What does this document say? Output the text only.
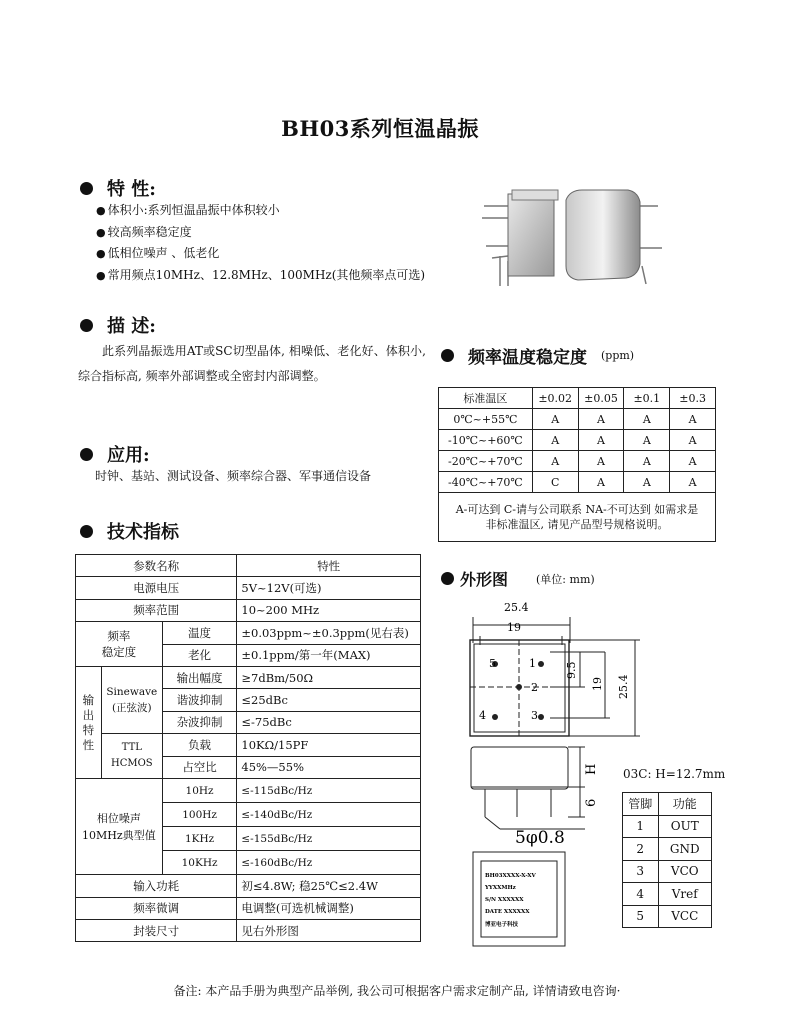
BH03系列恒温晶振
特 性:
● 体积小:系列恒温晶振中体积较小
● 较高频率稳定度
● 低相位噪声 、低老化
● 常用频点10MHz、12.8MHz、100MHz(其他频率点可选)
描 述:
此系列晶振选用AT或SC切型晶体, 相噪低、老化好、体积小, 综合指标高, 频率外部调整或全密封内部调整。
应用:
时钟、基站、测试设备、频率综合器、军事通信设备
技术指标
参数名称			特性
电源电压			5V~12V(可选)
频率范围			10~200 MHz
频率
稳定度		温度	±0.03ppm~±0.3ppm(见右表)
		老化	±0.1ppm/第一年(MAX)
输
出
特
性	Sinewave
(正弦波)	输出幅度	≥7dBm/50Ω
		谐波抑制	≤25dBc
		杂波抑制	≤-75dBc
	TTL
HCMOS	负载	10KΩ/15PF
		占空比	45%—55%
相位噪声
10MHz典型值		10Hz	≤-115dBc/Hz
		100Hz	≤-140dBc/Hz
		1KHz	≤-155dBc/Hz
		10KHz	≤-160dBc/Hz
输入功耗			初≤4.8W; 稳25℃≤2.4W
频率微调			电调整(可选机械调整)
封装尺寸			见右外形图
频率温度稳定度 (ppm)
标准温区	±0.02	±0.05	±0.1	±0.3
0℃~+55℃	A	A	A	A
-10℃~+60℃	A	A	A	A
-20℃~+70℃	A	A	A	A
-40℃~+70℃	C	A	A	A
A-可达到 C-请与公司联系 NA-不可达到 如需求是非标准温区, 请见产品型号规格说明。				
外形图	(单位: mm)
25.4
19
5	1
2
4	3
9.5
19 25.4
H
6
5φ0.8
BH03XXXX-X-XV
YYXXMHz
S/N XXXXXX
DATE XXXXXX
博亚电子科技
03C: H=12.7mm
管脚	功能
1	OUT
2	GND
3	VCO
4	Vref
5	VCC
备注: 本产品手册为典型产品举例, 我公司可根据客户需求定制产品, 详情请致电咨询·
